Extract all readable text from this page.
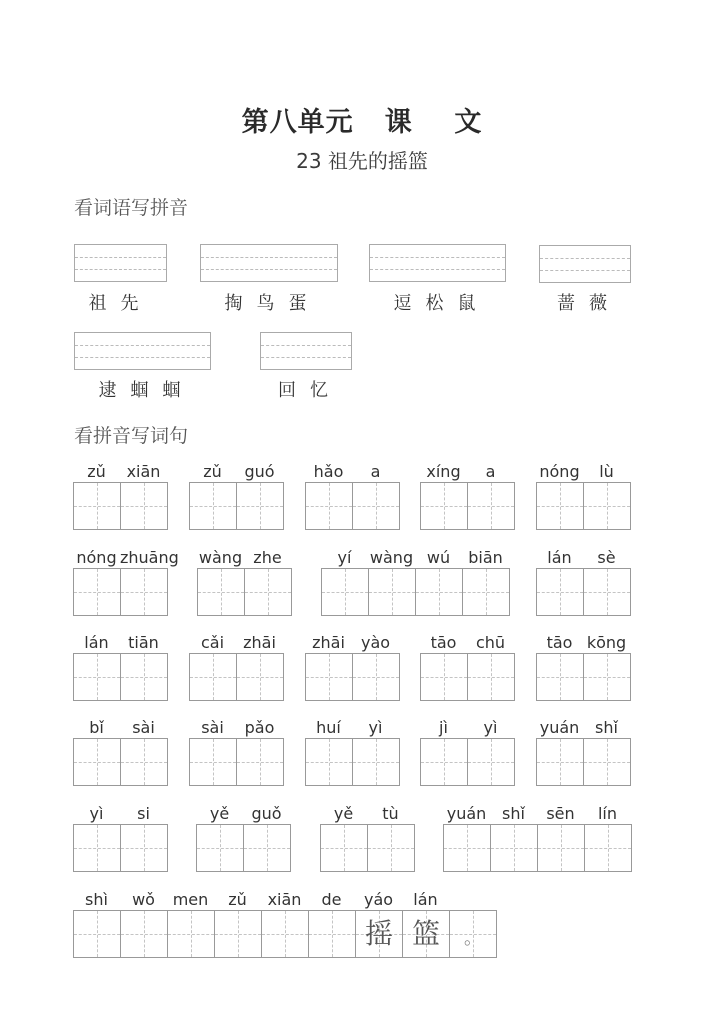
第八单元   课    文
23 祖先的摇篮
看词语写拼音
祖先	掏鸟蛋	逗松鼠	蔷薇
逮蝈蝈	回忆
看拼音写词句
zǔ	xiān	zǔ	guó	hǎo	a	xíng	a	nóng	lù
nóng zhuāng wàng zhe	yí	wàng wú	biān	lán	sè
lán	tiān	cǎi	zhāi	zhāi	yào	tāo	chū	tāo kōng
bǐ	sài	sài	pǎo	huí	yì	jì	yì	yuán shǐ
yì	si	yě	guǒ	yě	tù	yuán shǐ	sēn	lín
shì	wǒ	men	zǔ	xiān	de	yáo	lán
摇 篮	。
